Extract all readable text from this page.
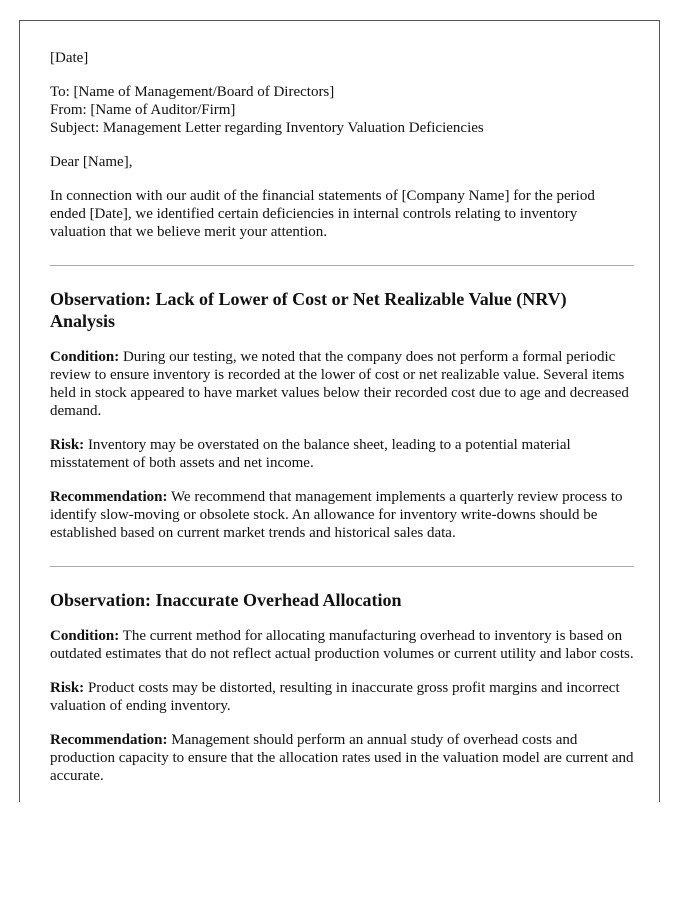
[Date]

To: [Name of Management/Board of Directors]

From: [Name of Auditor/Firm]

Subject: Management Letter regarding Inventory Valuation Deficiencies

Dear [Name],

In connection with our audit of the financial statements of [Company Name] for the period ended [Date], we identified certain deficiencies in internal controls relating to inventory valuation that we believe merit your attention.

Observation: Lack of Lower of Cost or Net Realizable Value (NRV) Analysis

Condition: During our testing, we noted that the company does not perform a formal periodic review to ensure inventory is recorded at the lower of cost or net realizable value. Several items held in stock appeared to have market values below their recorded cost due to age and decreased demand.

Risk: Inventory may be overstated on the balance sheet, leading to a potential material misstatement of both assets and net income.

Recommendation: We recommend that management implements a quarterly review process to identify slow-moving or obsolete stock. An allowance for inventory write-downs should be established based on current market trends and historical sales data.

Observation: Inaccurate Overhead Allocation

Condition: The current method for allocating manufacturing overhead to inventory is based on outdated estimates that do not reflect actual production volumes or current utility and labor costs.

Risk: Product costs may be distorted, resulting in inaccurate gross profit margins and incorrect valuation of ending inventory.

Recommendation: Management should perform an annual study of overhead costs and production capacity to ensure that the allocation rates used in the valuation model are current and accurate.
